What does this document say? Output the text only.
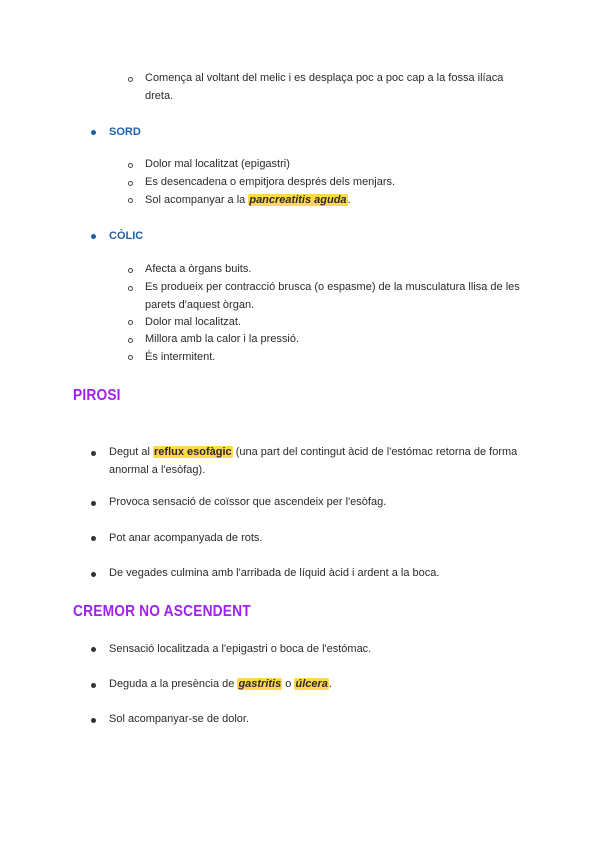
Comença al voltant del melic i es desplaça poc a poc cap a la fossa ilíaca
dreta.
SORD
Dolor mal localitzat (epigastri)
Es desencadena o empitjora després dels menjars.
Sol acompanyar a la pancreatitis aguda.
CÒLIC
Afecta a òrgans buits.
Es produeix per contracció brusca (o espasme) de la musculatura llisa de les
parets d'aquest òrgan.
Dolor mal localitzat.
Millora amb la calor i la pressió.
És intermitent.
PIROSI
Degut al reflux esofàgic (una part del contingut àcid de l'estómac retorna de forma
anormal a l'esòfag).
Provoca sensació de coïssor que ascendeix per l'esòfag.
Pot anar acompanyada de rots.
De vegades culmina amb l'arribada de líquid àcid i ardent a la boca.
CREMOR NO ASCENDENT
Sensació localitzada a l'epigastri o boca de l'estómac.
Deguda a la presència de gastritis o úlcera.
Sol acompanyar-se de dolor.
